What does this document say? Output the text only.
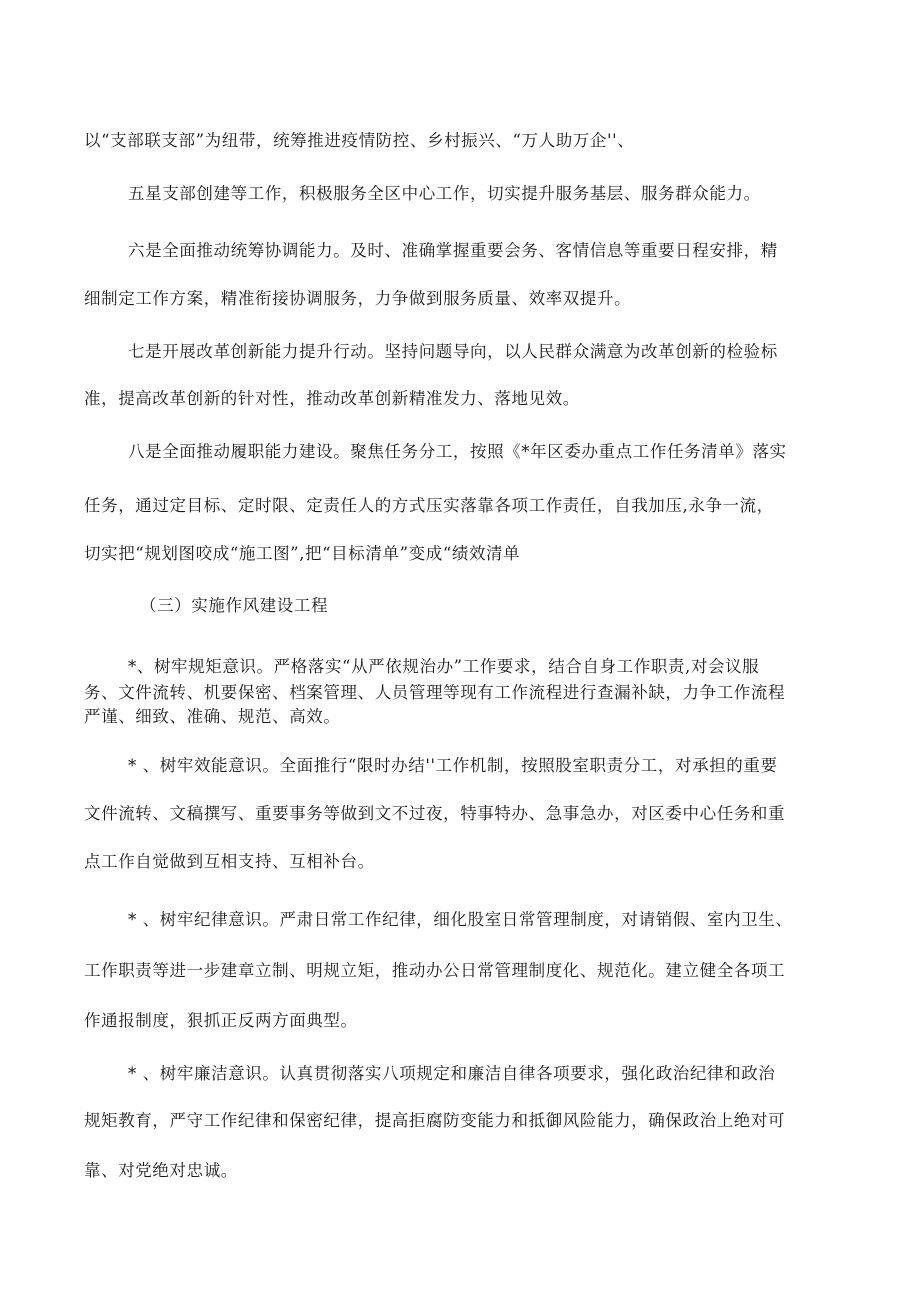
以“支部联支部”为纽带，统筹推进疫情防控、乡村振兴、“万人助万企''、
五星支部创建等工作，积极服务全区中心工作，切实提升服务基层、服务群众能力。
六是全面推动统筹协调能力。及时、准确掌握重要会务、客情信息等重要日程安排，精
细制定工作方案，精准衔接协调服务，力争做到服务质量、效率双提升。
七是开展改革创新能力提升行动。坚持问题导向，以人民群众满意为改革创新的检验标
准，提高改革创新的针对性，推动改革创新精准发力、落地见效。
八是全面推动履职能力建设。聚焦任务分工，按照《*年区委办重点工作任务清单》落实
任务，通过定目标、定时限、定责任人的方式压实落靠各项工作责任，自我加压,永争一流，
切实把“规划图咬成“施工图”,把“目标清单”变成“绩效清单
（三）实施作风建设工程
*、树牢规矩意识。严格落实“从严依规治办”工作要求，结合自身工作职责,对会议服
务、文件流转、机要保密、档案管理、人员管理等现有工作流程进行查漏补缺，力争工作流程
严谨、细致、准确、规范、高效。
* 、树牢效能意识。全面推行“限时办结''工作机制，按照股室职责分工，对承担的重要
文件流转、文稿撰写、重要事务等做到文不过夜，特事特办、急事急办，对区委中心任务和重
点工作自觉做到互相支持、互相补台。
* 、树牢纪律意识。严肃日常工作纪律，细化股室日常管理制度，对请销假、室内卫生、
工作职责等进一步建章立制、明规立矩，推动办公日常管理制度化、规范化。建立健全各项工
作通报制度，狠抓正反两方面典型。
* 、树牢廉洁意识。认真贯彻落实八项规定和廉洁自律各项要求，强化政治纪律和政治
规矩教育，严守工作纪律和保密纪律，提高拒腐防变能力和抵御风险能力，确保政治上绝对可
靠、对党绝对忠诚。
